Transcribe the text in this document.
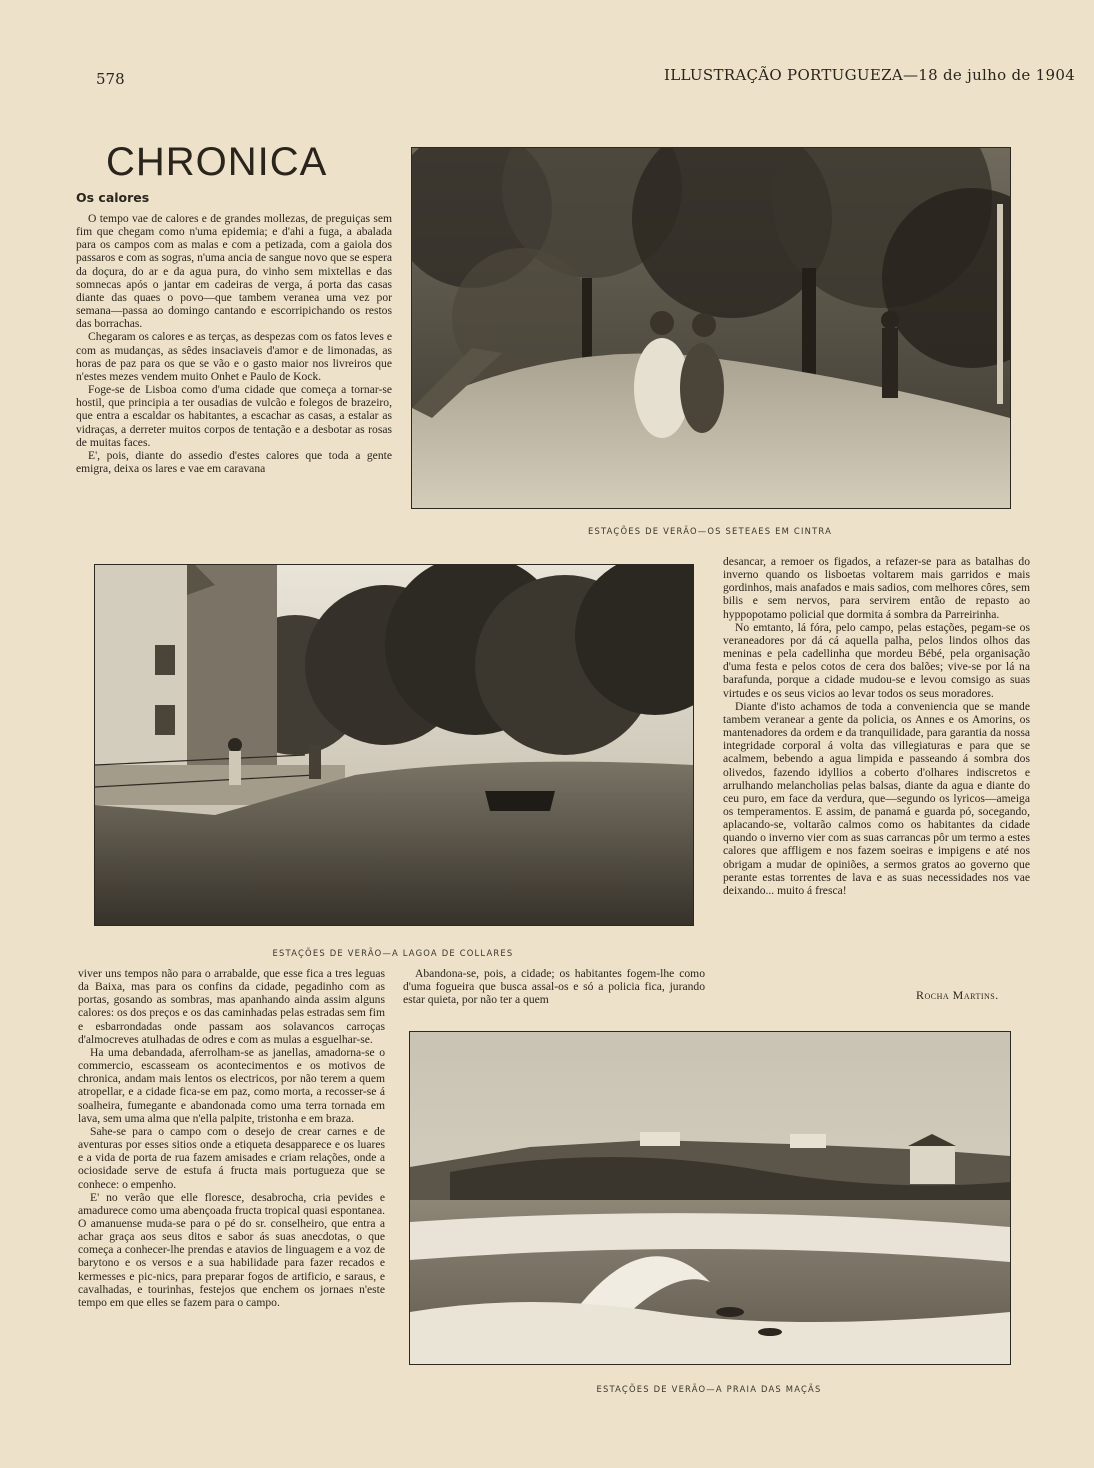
578	ILLUSTRAÇÃO PORTUGUEZA—18 de julho de 1904
CHRONICA
Os calores

O tempo vae de calores e de grandes mollezas, de preguiças sem fim que chegam como n'uma epidemia; e d'ahi a fuga, a abalada para os campos com as malas e com a petizada, com a gaiola dos passaros e com as sogras, n'uma ancia de sangue novo que se espera da doçura, do ar e da agua pura, do vinho sem mixtellas e das somnecas após o jantar em cadeiras de verga, á porta das casas diante das quaes o povo—que tambem veranea uma vez por semana—passa ao domingo cantando e escorripichando os restos das borrachas.

Chegaram os calores e as terças, as despezas com os fatos leves e com as mudanças, as sêdes insaciaveis d'amor e de limonadas, as horas de paz para os que se vão e o gasto maior nos livreiros que n'estes mezes vendem muito Onhet e Paulo de Kock.

Foge-se de Lisboa como d'uma cidade que começa a tornar-se hostil, que principia a ter ousadias de vulcão e folegos de brazeiro, que entra a escaldar os habitantes, a escachar as casas, a estalar as vidraças, a derreter muitos corpos de tentação e a desbotar as rosas de muitas faces.

E', pois, diante do assedio d'estes calores que toda a gente emigra, deixa os lares e vae em caravana

ESTAÇÕES DE VERÃO—OS SETEAES EM CINTRA
ESTAÇÕES DE VERÃO—A LAGOA DE COLLARES

desancar, a remoer os figados, a refazer-se para as batalhas do inverno quando os lisboetas voltarem mais garridos e mais gordinhos, mais anafados e mais sadios, com melhores côres, sem bilis e sem nervos, para servirem então de repasto ao hyppopotamo policial que dormita á sombra da Parreirinha.

No emtanto, lá fóra, pelo campo, pelas estações, pegam-se os veraneadores por dá cá aquella palha, pelos lindos olhos das meninas e pela cadellinha que mordeu Bébé, pela organisação d'uma festa e pelos cotos de cera dos balões; vive-se por lá na barafunda, porque a cidade mudou-se e levou comsigo as suas virtudes e os seus vicios ao levar todos os seus moradores.

Diante d'isto achamos de toda a conveniencia que se mande tambem veranear a gente da policia, os Annes e os Amorins, os mantenadores da ordem e da tranquilidade, para garantia da nossa integridade corporal á volta das villegiaturas e para que se acalmem, bebendo a agua limpida e passeando á sombra dos olivedos, fazendo idyllios a coberto d'olhares indiscretos e arrulhando melancholias pelas balsas, diante da agua e diante do ceu puro, em face da verdura, que—segundo os lyricos—ameiga os temperamentos. E assim, de panamá e guarda pó, socegando, aplacando-se, voltarão calmos como os habitantes da cidade quando o inverno vier com as suas carrancas pôr um termo a estes calores que affligem e nos fazem soeiras e impigens e até nos obrigam a mudar de opiniões, a sermos gratos ao governo que perante estas torrentes de lava e as suas necessidades nos vae deixando... muito á fresca!

Rocha Martins.

viver uns tempos não para o arrabalde, que esse fica a tres leguas da Baixa, mas para os confins da cidade, pegadinho com as portas, gosando as sombras, mas apanhando ainda assim alguns calores: os dos preços e os das caminhadas pelas estradas sem fim e esbarrondadas onde passam aos solavancos carroças d'almocreves atulhadas de odres e com as mulas a esguelhar-se.

Ha uma debandada, aferrolham-se as janellas, amadorna-se o commercio, escasseam os acontecimentos e os motivos de chronica, andam mais lentos os electricos, por não terem a quem atropellar, e a cidade fica-se em paz, como morta, a recosser-se á soalheira, fumegante e abandonada como uma terra tornada em lava, sem uma alma que n'ella palpite, tristonha e em braza.

Sahe-se para o campo com o desejo de crear carnes e de aventuras por esses sitios onde a etiqueta desapparece e os luares e a vida de porta de rua fazem amisades e criam relações, onde a ociosidade serve de estufa á fructa mais portugueza que se conhece: o empenho.

E' no verão que elle floresce, desabrocha, cria pevides e amadurece como uma abençoada fructa tropical quasi espontanea. O amanuense muda-se para o pé do sr. conselheiro, que entra a achar graça aos seus ditos e sabor ás suas anecdotas, o que começa a conhecer-lhe prendas e atavios de linguagem e a voz de barytono e os versos e a sua habilidade para fazer recados e kermesses e pic-nics, para preparar fogos de artificio, e saraus, e cavalhadas, e tourinhas, festejos que enchem os jornaes n'este tempo em que elles se fazem para o campo.

Abandona-se, pois, a cidade; os habitantes fogem-lhe como d'uma fogueira que busca assal-os e só a policia fica, jurando estar quieta, por não ter a quem

ESTAÇÕES DE VERÃO—A PRAIA DAS MAÇÃS
